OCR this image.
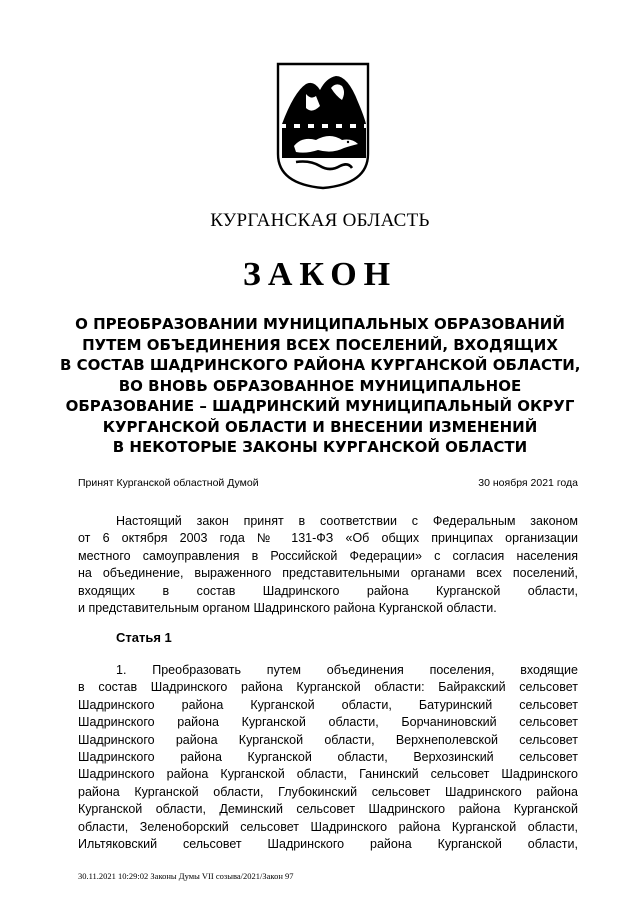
КУРГАНСКАЯ ОБЛАСТЬ
ЗАКОН
О ПРЕОБРАЗОВАНИИ МУНИЦИПАЛЬНЫХ ОБРАЗОВАНИЙ
ПУТЕМ ОБЪЕДИНЕНИЯ ВСЕХ ПОСЕЛЕНИЙ, ВХОДЯЩИХ
В СОСТАВ ШАДРИНСКОГО РАЙОНА КУРГАНСКОЙ ОБЛАСТИ,
ВО ВНОВЬ ОБРАЗОВАННОЕ МУНИЦИПАЛЬНОЕ
ОБРАЗОВАНИЕ – ШАДРИНСКИЙ МУНИЦИПАЛЬНЫЙ ОКРУГ
КУРГАНСКОЙ ОБЛАСТИ И ВНЕСЕНИИ ИЗМЕНЕНИЙ
В НЕКОТОРЫЕ ЗАКОНЫ КУРГАНСКОЙ ОБЛАСТИ
Принят Курганской областной Думой	30 ноября 2021 года
Настоящий закон принят в соответствии с Федеральным законом
от 6 октября 2003 года № 131-ФЗ «Об общих принципах организации
местного самоуправления в Российской Федерации» с согласия населения
на объединение, выраженного представительными органами всех поселений,
входящих в состав Шадринского района Курганской области,
и представительным органом Шадринского района Курганской области.
Статья 1
1. Преобразовать путем объединения поселения, входящие
в состав Шадринского района Курганской области: Байракский сельсовет
Шадринского района Курганской области, Батуринский сельсовет
Шадринского района Курганской области, Борчаниновский сельсовет
Шадринского района Курганской области, Верхнеполевской сельсовет
Шадринского района Курганской области, Верхозинский сельсовет
Шадринского района Курганской области, Ганинский сельсовет Шадринского
района Курганской области, Глубокинский сельсовет Шадринского района
Курганской области, Деминский сельсовет Шадринского района Курганской
области, Зеленоборский сельсовет Шадринского района Курганской области,
Ильтяковский сельсовет Шадринского района Курганской области,
30.11.2021 10:29:02 Законы Думы VII созыва/2021/Закон 97
